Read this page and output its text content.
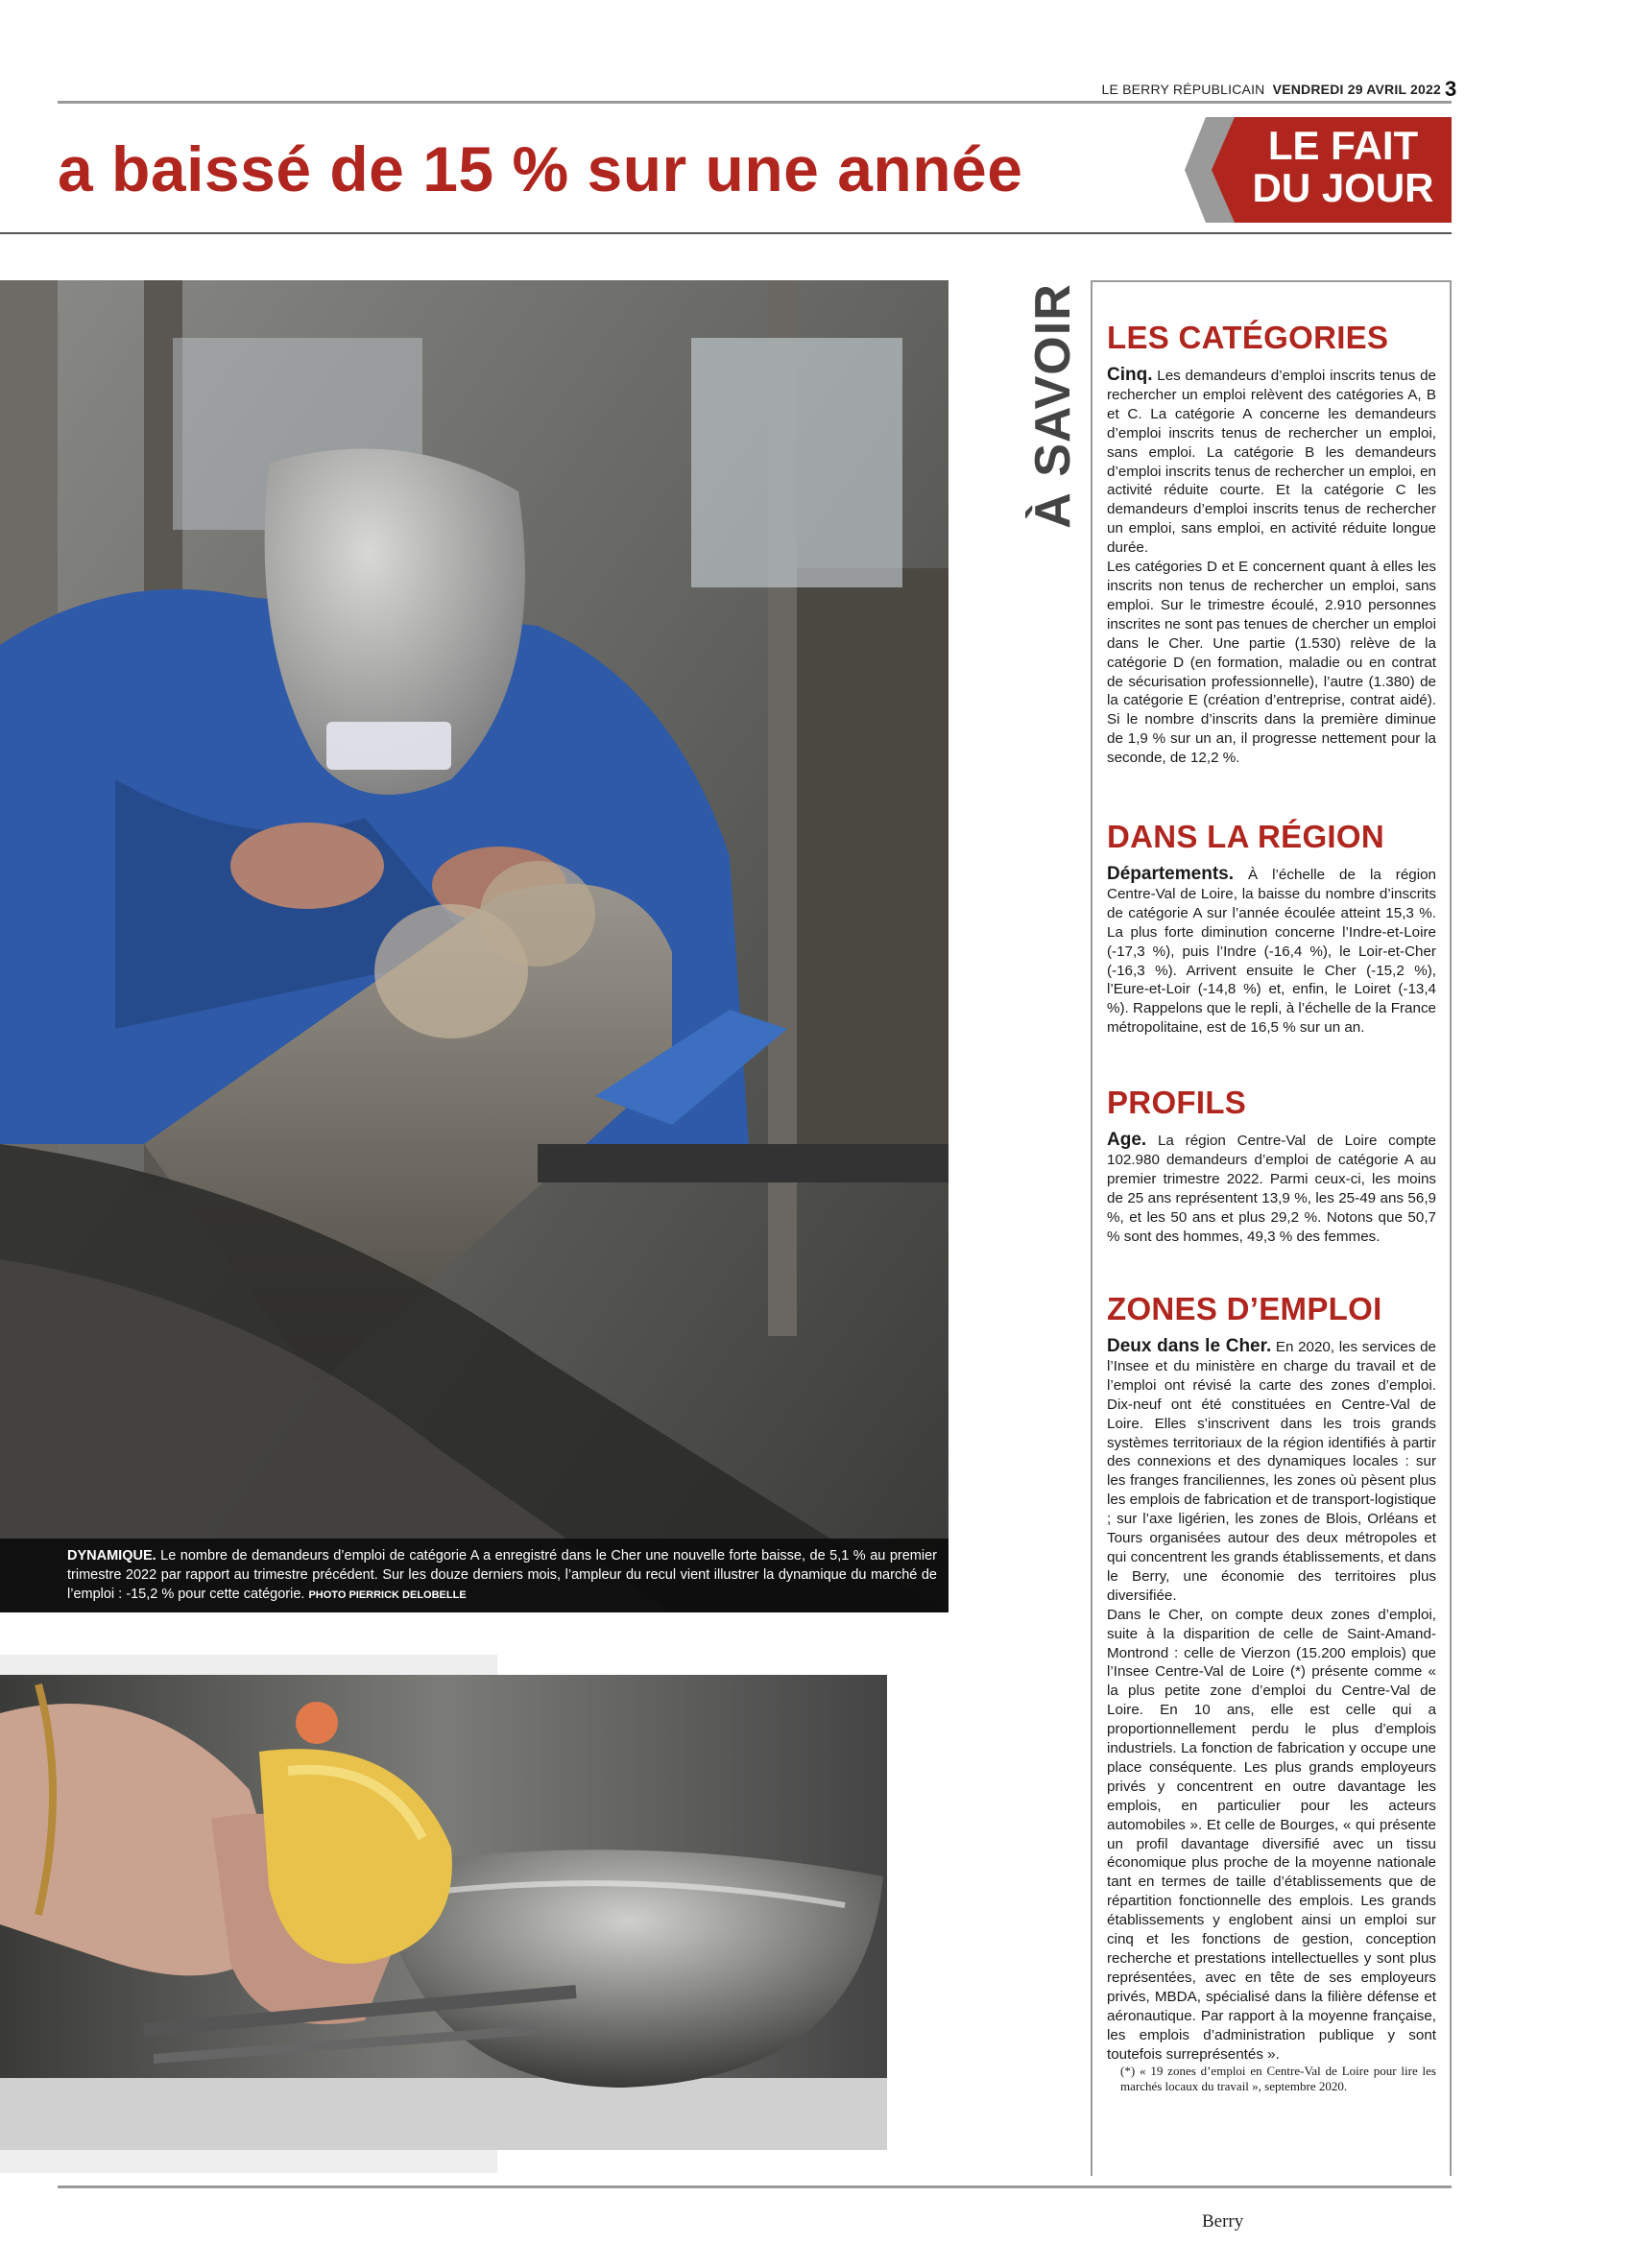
LE BERRY RÉPUBLICAIN VENDREDI 29 AVRIL 2022 3
a baissé de 15 % sur une année	LE FAIT
DU JOUR
DYNAMIQUE. Le nombre de demandeurs d’emploi de catégorie A a enregistré dans le Cher une nouvelle forte baisse, de 5,1 % au premier trimestre 2022 par rapport au trimestre précédent. Sur les douze derniers mois, l’ampleur du recul vient illustrer la dynamique du marché de l’emploi : -15,2 % pour cette catégorie. PHOTO PIERRICK DELOBELLE
À SAVOIR LES CATÉGORIES

Cinq. Les demandeurs d’emploi inscrits tenus de rechercher un emploi relèvent des catégories A, B et C. La catégorie A concerne les demandeurs d’emploi inscrits tenus de rechercher un emploi, sans emploi. La catégorie B les demandeurs d’emploi inscrits tenus de rechercher un emploi, en activité réduite courte. Et la catégorie C les demandeurs d’emploi inscrits tenus de rechercher un emploi, sans emploi, en activité réduite longue durée.

Les catégories D et E concernent quant à elles les inscrits non tenus de rechercher un emploi, sans emploi. Sur le trimestre écoulé, 2.910 personnes inscrites ne sont pas tenues de chercher un emploi dans le Cher. Une partie (1.530) relève de la catégorie D (en formation, maladie ou en contrat de sécurisation professionnelle), l’autre (1.380) de la catégorie E (création d’entreprise, contrat aidé). Si le nombre d’inscrits dans la première diminue de 1,9 % sur un an, il progresse nettement pour la seconde, de 12,2 %.

DANS LA RÉGION

Départements. À l’échelle de la région Centre-Val de Loire, la baisse du nombre d’inscrits de catégorie A sur l’année écoulée atteint 15,3 %. La plus forte diminution concerne l’Indre-et-Loire (-17,3 %), puis l’Indre (-16,4 %), le Loir-et-Cher (-16,3 %). Arrivent ensuite le Cher (-15,2 %), l’Eure-et-Loir (-14,8 %) et, enfin, le Loiret (-13,4 %). Rappelons que le repli, à l’échelle de la France métropolitaine, est de 16,5 % sur un an.

PROFILS

Age. La région Centre-Val de Loire compte 102.980 demandeurs d’emploi de catégorie A au premier trimestre 2022. Parmi ceux-ci, les moins de 25 ans représentent 13,9 %, les 25-49 ans 56,9 %, et les 50 ans et plus 29,2 %. Notons que 50,7 % sont des hommes, 49,3 % des femmes.

ZONES D’EMPLOI

Deux dans le Cher. En 2020, les services de l’Insee et du ministère en charge du travail et de l’emploi ont révisé la carte des zones d’emploi. Dix-neuf ont été constituées en Centre-Val de Loire. Elles s’inscrivent dans les trois grands systèmes territoriaux de la région identifiés à partir des connexions et des dynamiques locales : sur les franges franciliennes, les zones où pèsent plus les emplois de fabrication et de transport-logistique ; sur l’axe ligérien, les zones de Blois, Orléans et Tours organisées autour des deux métropoles et qui concentrent les grands établissements, et dans le Berry, une économie des territoires plus diversifiée.

Dans le Cher, on compte deux zones d’emploi, suite à la disparition de celle de Saint-Amand-Montrond : celle de Vierzon (15.200 emplois) que l’Insee Centre-Val de Loire (*) présente comme « la plus petite zone d’emploi du Centre-Val de Loire. En 10 ans, elle est celle qui a proportionnellement perdu le plus d’emplois industriels. La fonction de fabrication y occupe une place conséquente. Les plus grands employeurs privés y concentrent en outre davantage les emplois, en particulier pour les acteurs automobiles ». Et celle de Bourges, « qui présente un profil davantage diversifié avec un tissu économique plus proche de la moyenne nationale tant en termes de taille d’établissements que de répartition fonctionnelle des emplois. Les grands établissements y englobent ainsi un emploi sur cinq et les fonctions de gestion, conception recherche et prestations intellectuelles y sont plus représentées, avec en tête de ses employeurs privés, MBDA, spécialisé dans la filière défense et aéronautique. Par rapport à la moyenne française, les emplois d’administration publique y sont toutefois surreprésentés ».

(*) « 19 zones d’emploi en Centre-Val de Loire pour lire les marchés locaux du travail », septembre 2020.

Berry
